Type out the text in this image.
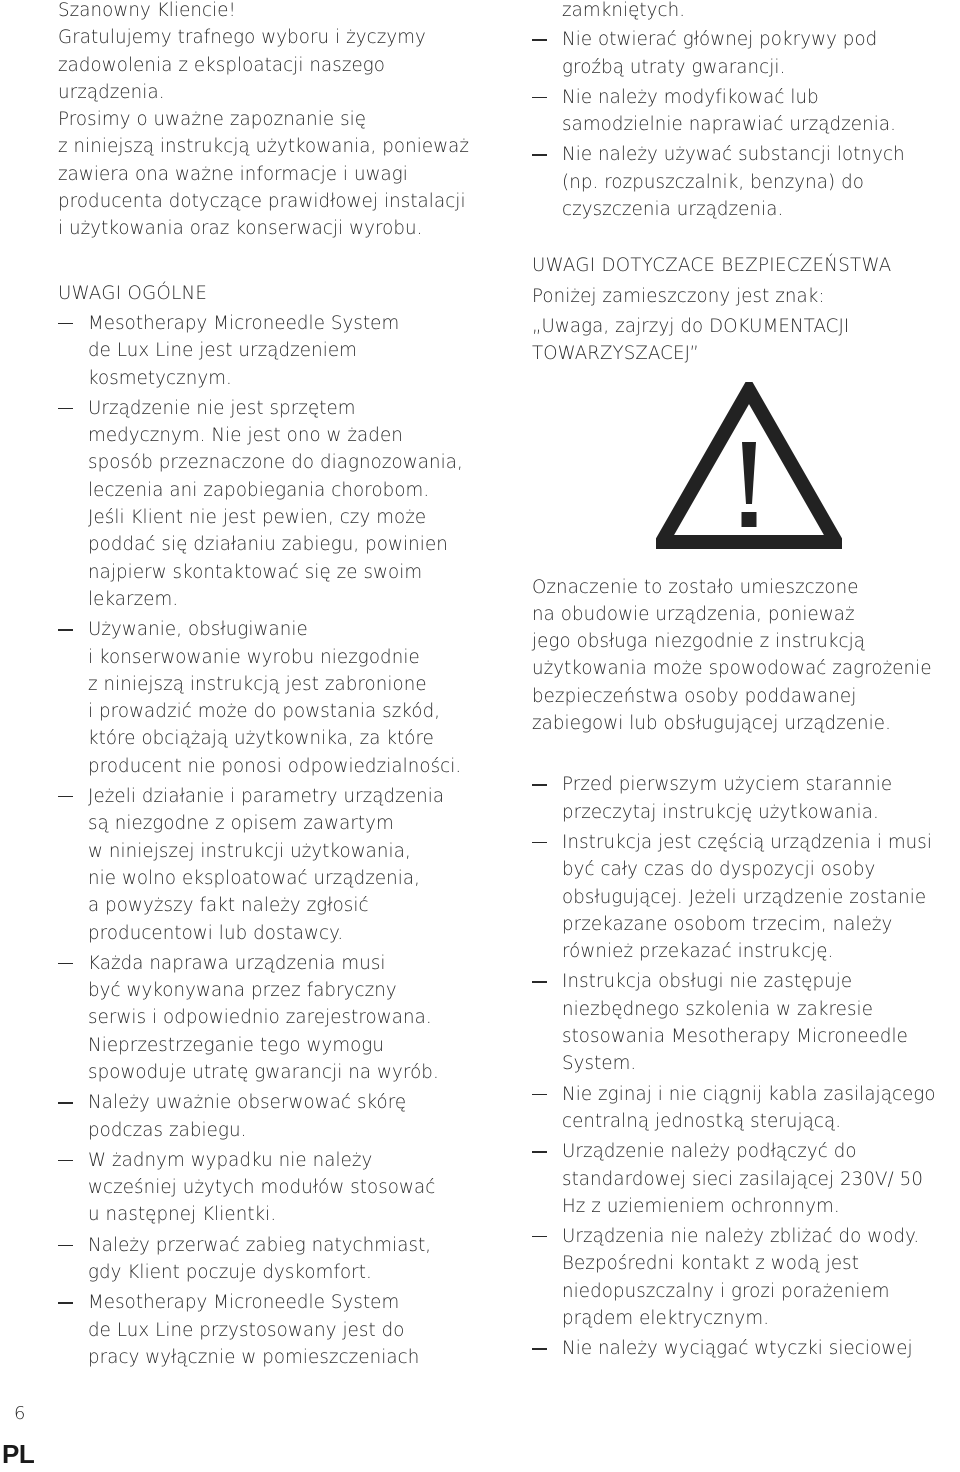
Szanowny Kliencie!

Gratulujemy trafnego wyboru i życzymy
zadowolenia z eksploatacji naszego
urządzenia.

Prosimy o uważne zapoznanie się
z niniejszą instrukcją użytkowania, ponieważ
zawiera ona ważne informacje i uwagi
producenta dotyczące prawidłowej instalacji
i użytkowania oraz konserwacji wyrobu.

UWAGI OGÓLNE

Mesotherapy Microneedle System
de Lux Line jest urządzeniem
kosmetycznym.
Urządzenie nie jest sprzętem
medycznym. Nie jest ono w żaden
sposób przeznaczone do diagnozowania,
leczenia ani zapobiegania chorobom.
Jeśli Klient nie jest pewien, czy może
poddać się działaniu zabiegu, powinien
najpierw skontaktować się ze swoim
lekarzem.
Używanie, obsługiwanie
i konserwowanie wyrobu niezgodnie
z niniejszą instrukcją jest zabronione
i prowadzić może do powstania szkód,
które obciążają użytkownika, za które
producent nie ponosi odpowiedzialności.
Jeżeli działanie i parametry urządzenia
są niezgodne z opisem zawartym
w niniejszej instrukcji użytkowania,
nie wolno eksploatować urządzenia,
a powyższy fakt należy zgłosić
producentowi lub dostawcy.
Każda naprawa urządzenia musi
być wykonywana przez fabryczny
serwis i odpowiednio zarejestrowana.
Nieprzestrzeganie tego wymogu
spowoduje utratę gwarancji na wyrób.
Należy uważnie obserwować skórę
podczas zabiegu.
W żadnym wypadku nie należy
wcześniej użytych modułów stosować
u następnej Klientki.
Należy przerwać zabieg natychmiast,
gdy Klient poczuje dyskomfort.
Mesotherapy Microneedle System
de Lux Line przystosowany jest do
pracy wyłącznie w pomieszczeniach

zamkniętych.

Nie otwierać głównej pokrywy pod
groźbą utraty gwarancji.
Nie należy modyfikować lub
samodzielnie naprawiać urządzenia.
Nie należy używać substancji lotnych
(np. rozpuszczalnik, benzyna) do
czyszczenia urządzenia.

UWAGI DOTYCZACE BEZPIECZEŃSTWA

Poniżej zamieszczony jest znak:

„Uwaga, zajrzyj do DOKUMENTACJI
TOWARZYSZACEJ”

Oznaczenie to zostało umieszczone
na obudowie urządzenia, ponieważ
jego obsługa niezgodnie z instrukcją
użytkowania może spowodować zagrożenie
bezpieczeństwa osoby poddawanej
zabiegowi lub obsługującej urządzenie.

Przed pierwszym użyciem starannie
przeczytaj instrukcję użytkowania.
Instrukcja jest częścią urządzenia i musi
być cały czas do dyspozycji osoby
obsługującej. Jeżeli urządzenie zostanie
przekazane osobom trzecim, należy
również przekazać instrukcję.
Instrukcja obsługi nie zastępuje
niezbędnego szkolenia w zakresie
stosowania Mesotherapy Microneedle
System.
Nie zginaj i nie ciągnij kabla zasilającego
centralną jednostką sterującą.
Urządzenie należy podłączyć do
standardowej sieci zasilającej 230V/ 50
Hz z uziemieniem ochronnym.
Urządzenia nie należy zbliżać do wody.
Bezpośredni kontakt z wodą jest
niedopuszczalny i grozi porażeniem
prądem elektrycznym.
Nie należy wyciągać wtyczki sieciowej
6
PL
